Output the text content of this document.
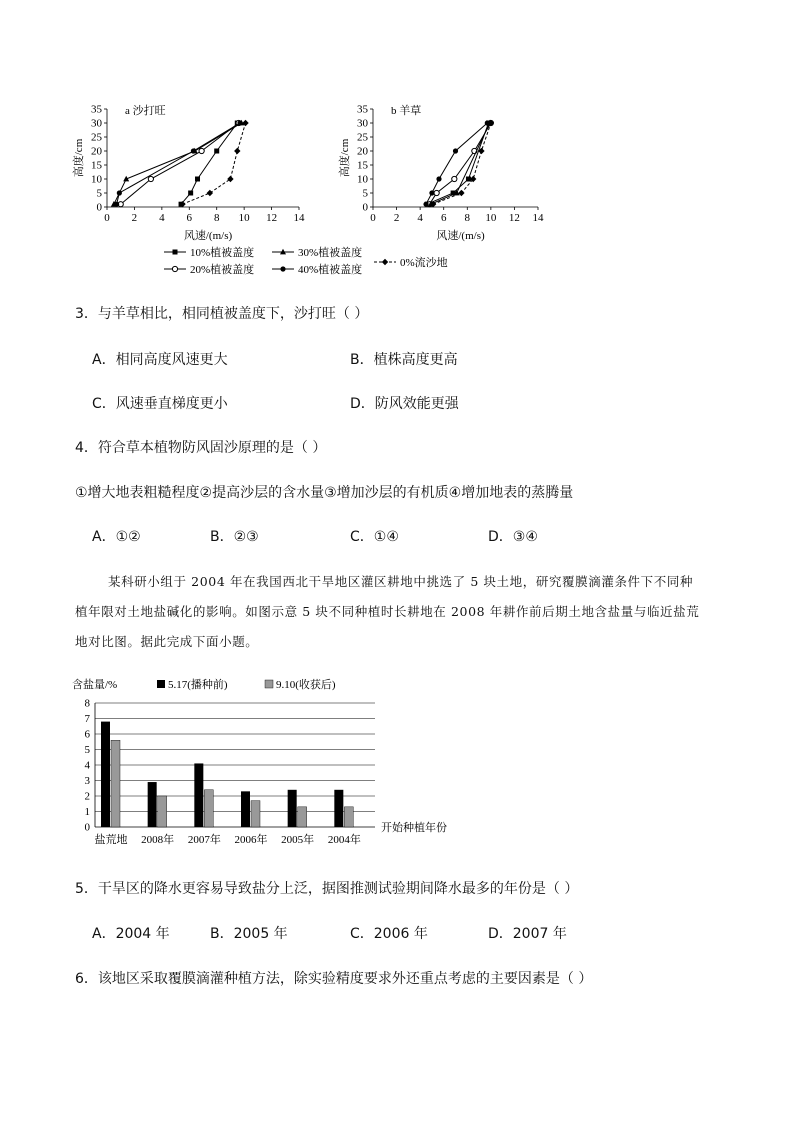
0 2 4 6 8 10 12 14
0
5
10
15
20
25
30
35 a 沙打旺
风速/(m/s)
高度/cm
0 2 4 6 8 10 12 14
0
5
10
15
20
25
30
35 b 羊草
风速/(m/s)
高度/cm
10%植被盖度	30%植被盖度
20%植被盖度	40%植被盖度
0%流沙地
3．与羊草相比，相同植被盖度下，沙打旺（ ）
A．相同高度风速更大	B．植株高度更高
C．风速垂直梯度更小	D．防风效能更强
4．符合草本植物防风固沙原理的是（ ）
①增大地表粗糙程度②提高沙层的含水量③增加沙层的有机质④增加地表的蒸腾量
A．①②	B．②③	C．①④	D．③④
某科研小组于 2004 年在我国西北干旱地区灌区耕地中挑选了 5 块土地，研究覆膜滴灌条件下不同种
植年限对土地盐碱化的影响。如图示意 5 块不同种植时长耕地在 2008 年耕作前后期土地含盐量与临近盐荒
地对比图。据此完成下面小题。
0
1
2
3
4
5
6
7
8
盐荒地 2008年 2007年 2006年 2005年 2004年
含盐量/%
开始种植年份
5.17(播种前)	9.10(收获后)
5．干旱区的降水更容易导致盐分上泛，据图推测试验期间降水最多的年份是（ ）
A．2004 年	B．2005 年	C．2006 年	D．2007 年
6．该地区采取覆膜滴灌种植方法，除实验精度要求外还重点考虑的主要因素是（ ）
